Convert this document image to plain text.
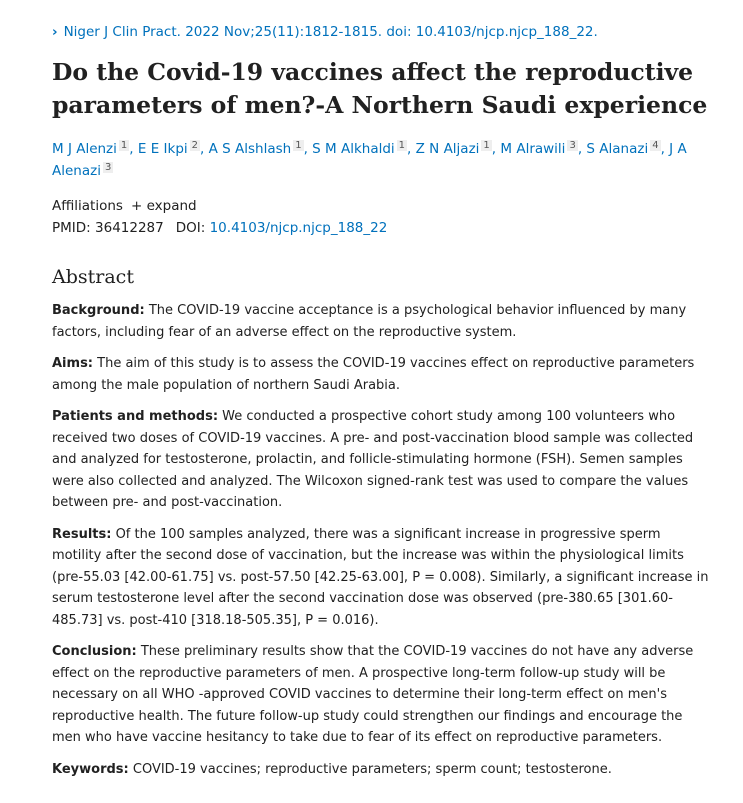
› Niger J Clin Pract. 2022 Nov;25(11):1812-1815. doi: 10.4103/njcp.njcp_188_22.
Do the Covid-19 vaccines affect the reproductive parameters of men?-A Northern Saudi experience
M J Alenzi 1 , E E Ikpi 2 , A S Alshlash 1 , S M Alkhaldi 1 , Z N Aljazi 1 , M Alrawili 3 , S Alanazi 4 , J A Alenazi 3
Affiliations + expand
PMID: 36412287 DOI: 10.4103/njcp.njcp_188_22
Abstract

Background: The COVID-19 vaccine acceptance is a psychological behavior influenced by many factors, including fear of an adverse effect on the reproductive system.

Aims: The aim of this study is to assess the COVID-19 vaccines effect on reproductive parameters among the male population of northern Saudi Arabia.

Patients and methods: We conducted a prospective cohort study among 100 volunteers who received two doses of COVID-19 vaccines. A pre- and post-vaccination blood sample was collected and analyzed for testosterone, prolactin, and follicle-stimulating hormone (FSH). Semen samples were also collected and analyzed. The Wilcoxon signed-rank test was used to compare the values between pre- and post-vaccination.

Results: Of the 100 samples analyzed, there was a significant increase in progressive sperm motility after the second dose of vaccination, but the increase was within the physiological limits (pre-55.03 [42.00-61.75] vs. post-57.50 [42.25-63.00], P = 0.008). Similarly, a significant increase in serum testosterone level after the second vaccination dose was observed (pre-380.65 [301.60-485.73] vs. post-410 [318.18-505.35], P = 0.016).

Conclusion: These preliminary results show that the COVID-19 vaccines do not have any adverse effect on the reproductive parameters of men. A prospective long-term follow-up study will be necessary on all WHO -approved COVID vaccines to determine their long-term effect on men's reproductive health. The future follow-up study could strengthen our findings and encourage the men who have vaccine hesitancy to take due to fear of its effect on reproductive parameters.

Keywords: COVID-19 vaccines; reproductive parameters; sperm count; testosterone.
